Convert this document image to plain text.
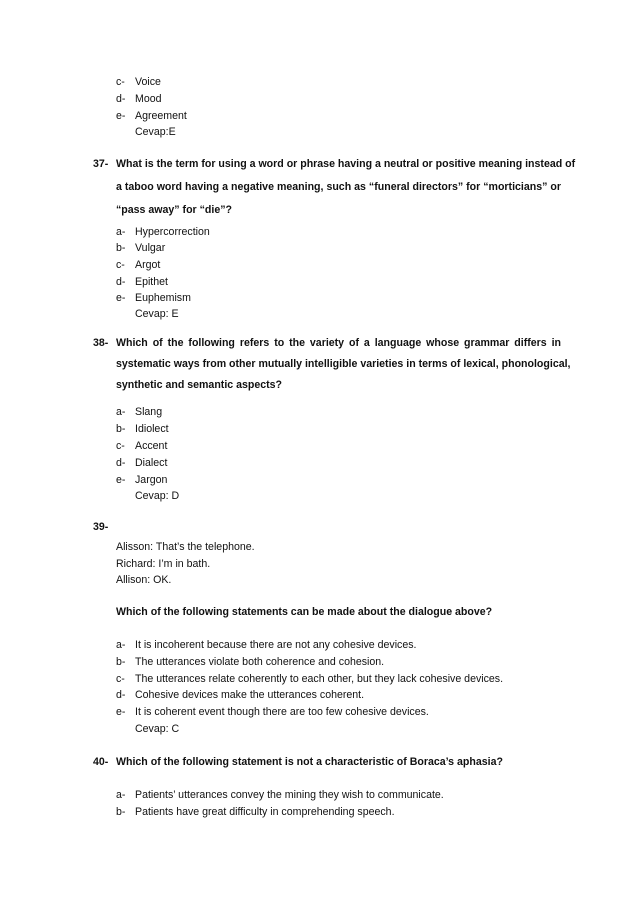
c- Voice
d- Mood
e- Agreement
Cevap:E
37- What is the term for using a word or phrase having a neutral or positive meaning instead of
a taboo word having a negative meaning, such as “funeral directors” for “morticians” or
“pass away” for “die”?
a- Hypercorrection
b- Vulgar
c- Argot
d- Epithet
e- Euphemism
Cevap: E
38- Which of the following refers to the variety of a language whose grammar differs in
systematic ways from other mutually intelligible varieties in terms of lexical, phonological,
synthetic and semantic aspects?
a- Slang
b- Idiolect
c- Accent
d- Dialect
e- Jargon
Cevap: D
39-
Alisson: That’s the telephone.
Richard: I’m in bath.
Allison: OK.
Which of the following statements can be made about the dialogue above?
a- It is incoherent because there are not any cohesive devices.
b- The utterances violate both coherence and cohesion.
c- The utterances relate coherently to each other, but they lack cohesive devices.
d- Cohesive devices make the utterances coherent.
e- It is coherent event though there are too few cohesive devices.
Cevap: C
40- Which of the following statement is not a characteristic of Boraca’s aphasia?
a- Patients’ utterances convey the mining they wish to communicate.
b- Patients have great difficulty in comprehending speech.
